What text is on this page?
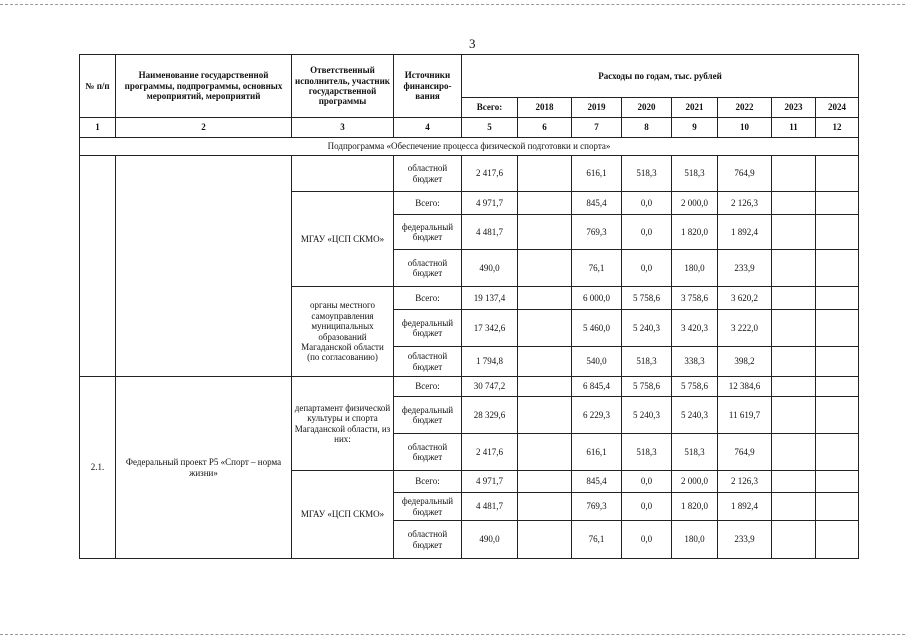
3
№ п/п	Наименование государственной программы, подпрограммы, основных мероприятий, мероприятий	Ответственный исполнитель, участник государственной программы	Источники финансиро-вания	Расходы по годам, тыс. рублей							
				Всего:	2018	2019	2020	2021	2022	2023	2024
1	2	3	4	5	6	7	8	9	10	11	12
Подпрограмма «Обеспечение процесса физической подготовки и спорта»											
			областной бюджет	2 417,6		616,1	518,3	518,3	764,9		
		МГАУ «ЦСП СКМО»	Всего:	4 971,7		845,4	0,0	2 000,0	2 126,3		
			федеральный бюджет	4 481,7		769,3	0,0	1 820,0	1 892,4		
			областной бюджет	490,0		76,1	0,0	180,0	233,9		
		органы местного самоуправления муниципальных образований Магаданской области (по согласованию)	Всего:	19 137,4		6 000,0	5 758,6	3 758,6	3 620,2		
			федеральный бюджет	17 342,6		5 460,0	5 240,3	3 420,3	3 222,0		
			областной бюджет	1 794,8		540,0	518,3	338,3	398,2		
2.1.	Федеральный проект Р5 «Спорт – норма жизни»	департамент физической культуры и спорта Магаданской области, из них:	Всего:	30 747,2		6 845,4	5 758,6	5 758,6	12 384,6		
			федеральный бюджет	28 329,6		6 229,3	5 240,3	5 240,3	11 619,7		
			областной бюджет	2 417,6		616,1	518,3	518,3	764,9		
		МГАУ «ЦСП СКМО»	Всего:	4 971,7		845,4	0,0	2 000,0	2 126,3		
			федеральный бюджет	4 481,7		769,3	0,0	1 820,0	1 892,4		
			областной бюджет	490,0		76,1	0,0	180,0	233,9		
